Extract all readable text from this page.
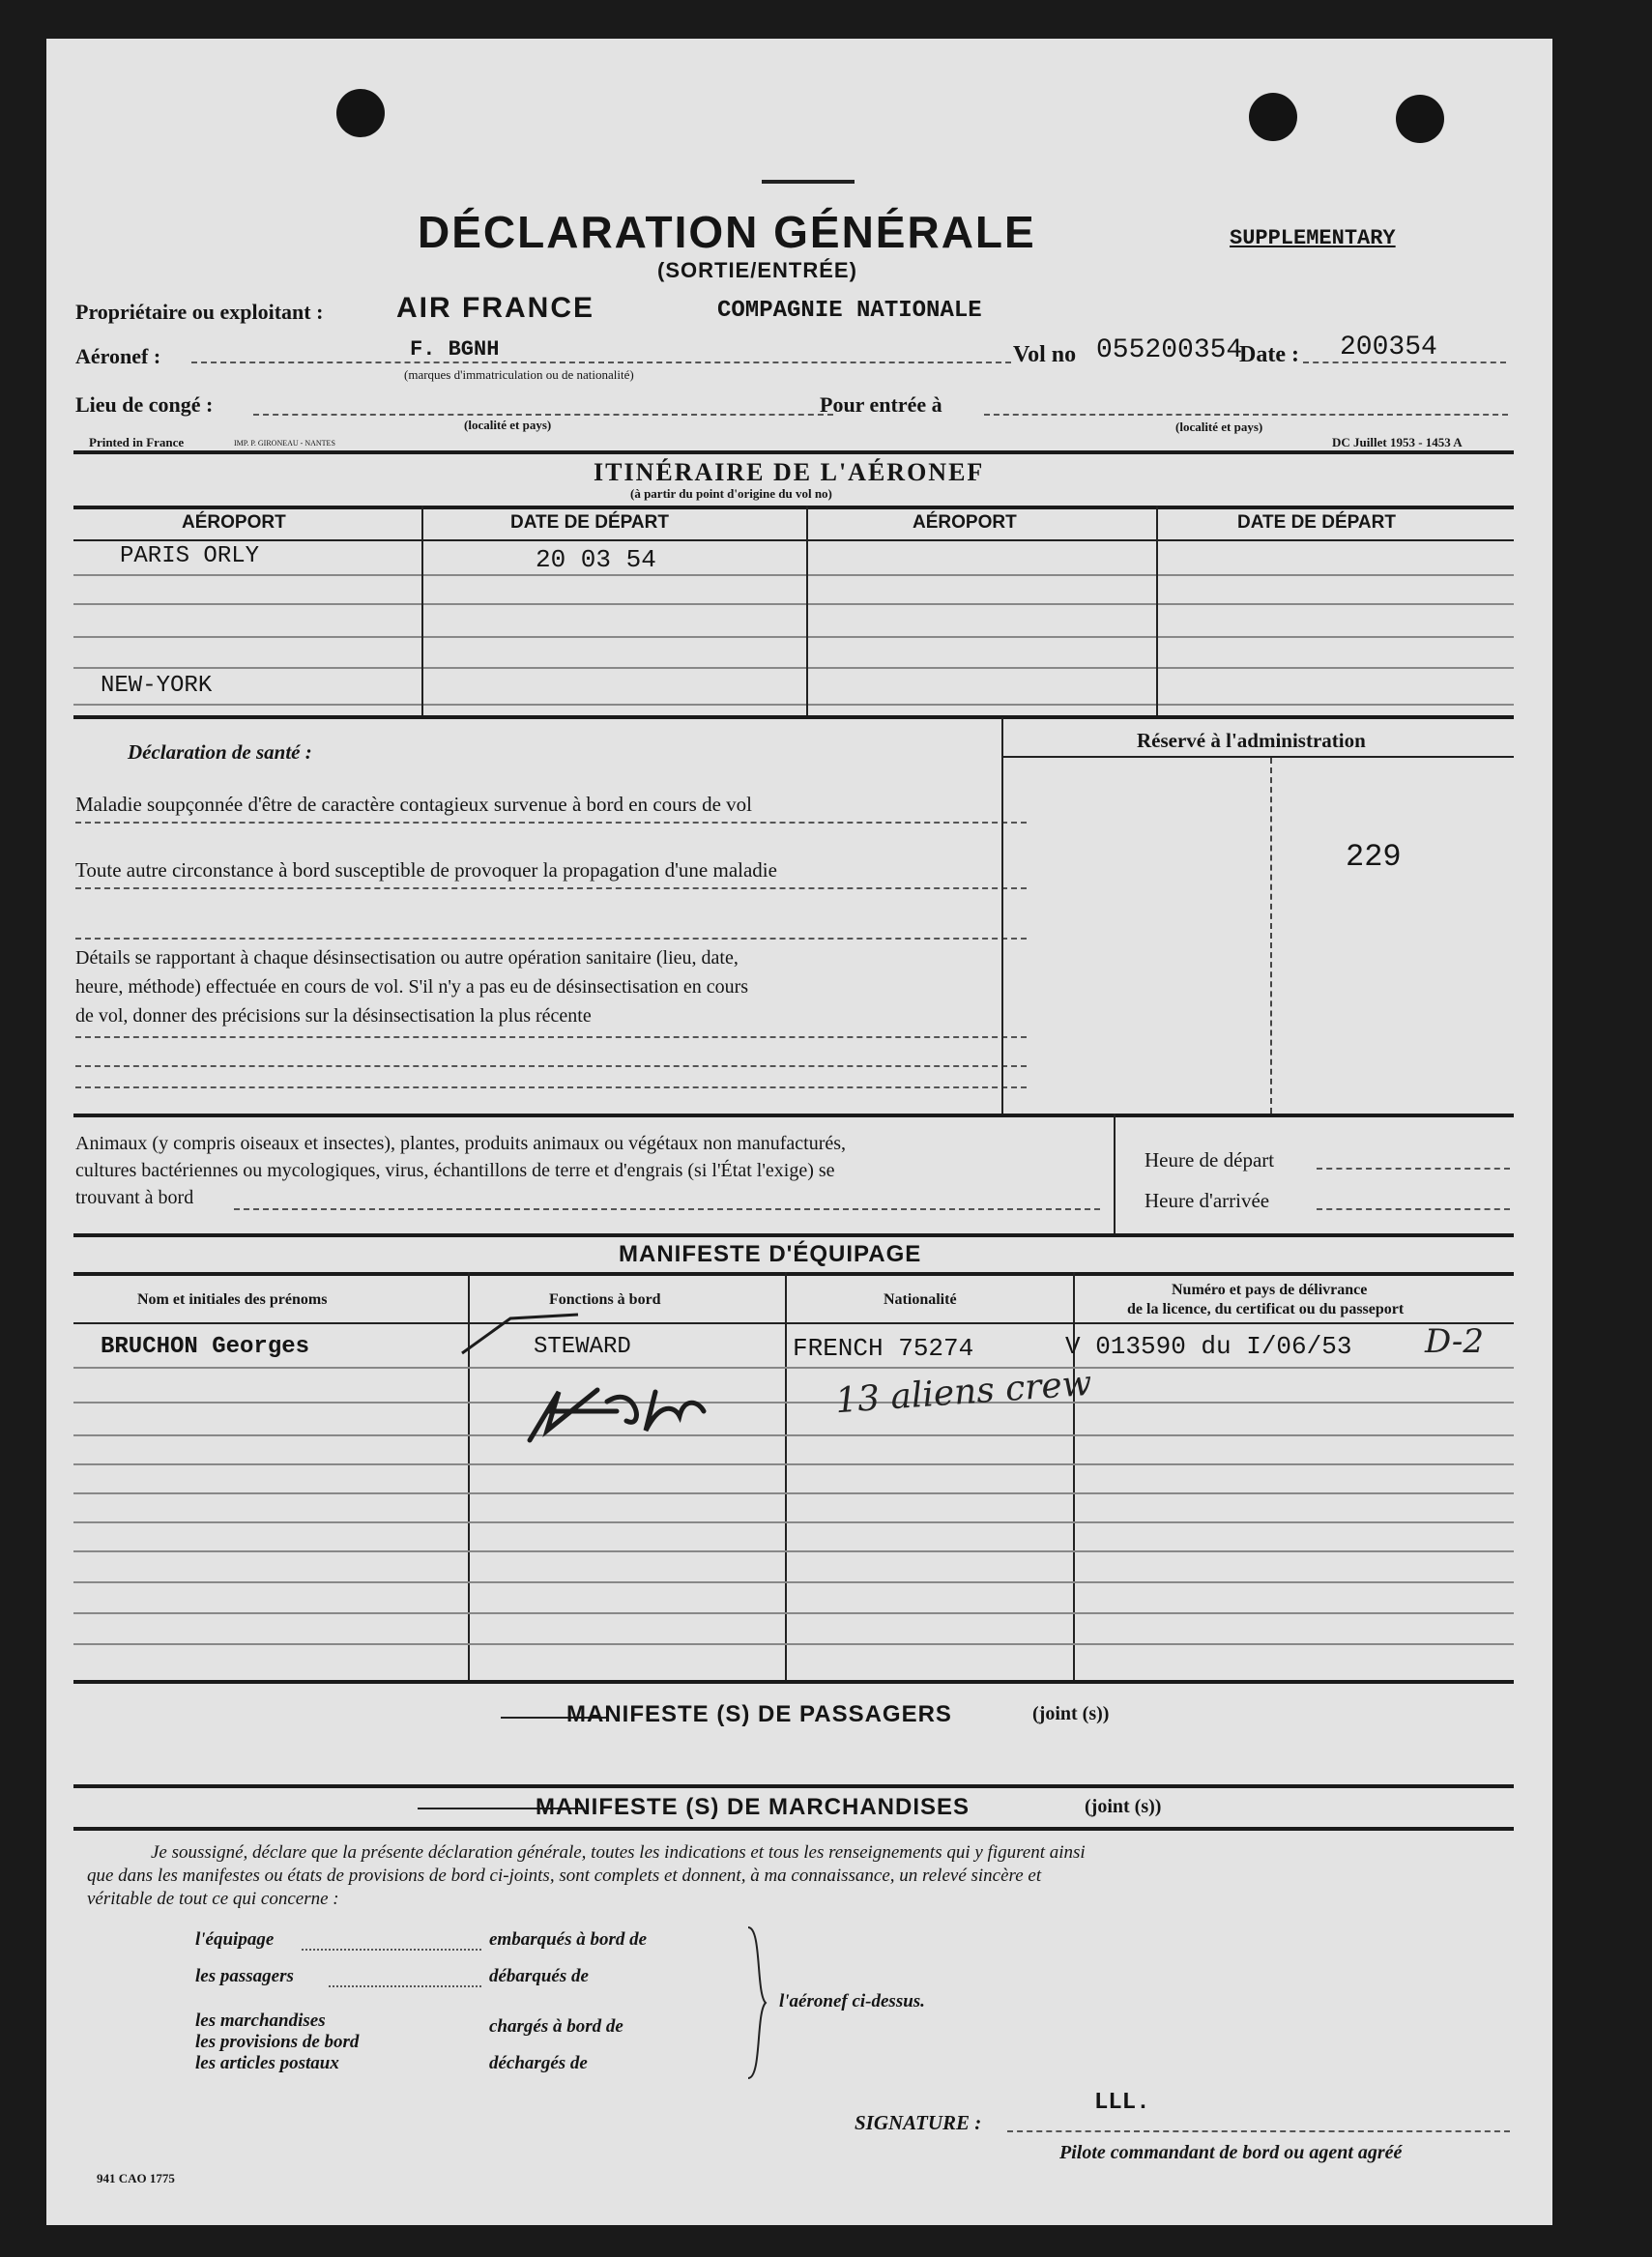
DÉCLARATION GÉNÉRALE	SUPPLEMENTARY
(SORTIE/ENTRÉE)
Propriétaire ou exploitant :	AIR FRANCE	COMPAGNIE NATIONALE
Aéronef :	F. BGNH
(marques d'immatriculation ou de nationalité)
Vol no 055200354
Date : 200354
Lieu de congé :
(localité et pays)
Pour entrée à
(localité et pays)
Printed in France	IMP. P. GIRONEAU - NANTES	DC Juillet 1953 - 1453 A
ITINÉRAIRE DE L'AÉRONEF
(à partir du point d'origine du vol no)
AÉROPORT	DATE DE DÉPART	AÉROPORT	DATE DE DÉPART
PARIS ORLY	20 03 54
NEW-YORK
Déclaration de santé :
Maladie soupçonnée d'être de caractère contagieux survenue à bord en cours de vol
Toute autre circonstance à bord susceptible de provoquer la propagation d'une maladie
Détails se rapportant à chaque désinsectisation ou autre opération sanitaire (lieu, date,
heure, méthode) effectuée en cours de vol. S'il n'y a pas eu de désinsectisation en cours
de vol, donner des précisions sur la désinsectisation la plus récente
Réservé à l'administration
229
Animaux (y compris oiseaux et insectes), plantes, produits animaux ou végétaux non manufacturés,
cultures bactériennes ou mycologiques, virus, échantillons de terre et d'engrais (si l'État l'exige) se
trouvant à bord
Heure de départ
Heure d'arrivée
MANIFESTE D'ÉQUIPAGE
Nom et initiales des prénoms	Fonctions à bord	Nationalité
Numéro et pays de délivrance
de la licence, du certificat ou du passeport
BRUCHON Georges	STEWARD	FRENCH 75274	V 013590 du I/06/53 D-2
13 aliens crew
MANIFESTE (S) DE PASSAGERS	(joint (s))
MANIFESTE (S) DE MARCHANDISES	(joint (s))
Je soussigné, déclare que la présente déclaration générale, toutes les indications et tous les renseignements qui y figurent ainsi
que dans les manifestes ou états de provisions de bord ci-joints, sont complets et donnent, à ma connaissance, un relevé sincère et
véritable de tout ce qui concerne :
l'équipage
les passagers
les marchandises
les provisions de bord
les articles postaux
embarqués à bord de
débarqués de
chargés à bord de
déchargés de
l'aéronef ci-dessus.
SIGNATURE :
LLL.
Pilote commandant de bord ou agent agréé
941 CAO 1775
